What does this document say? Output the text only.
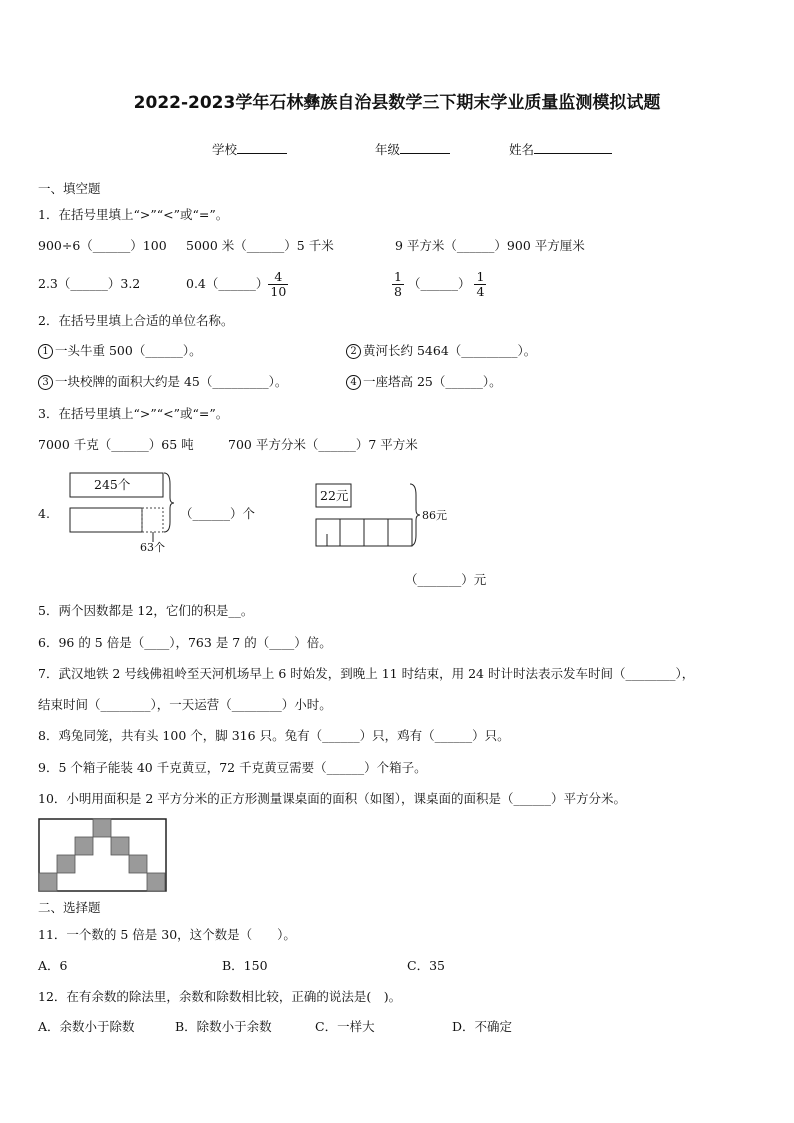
2022-2023学年石林彝族自治县数学三下期末学业质量监测模拟试题
学校	年级	姓名
一、填空题
1．在括号里填上“>”“<”或“=”。
900÷6（______）100 5000 米（______）5 千米	9 平方米（______）900 平方厘米
2.3（______）3.2	0.4（______） $\frac{4}{10}$	$\frac{1}{8}$ （______） $\frac{1}{4}$
2．在括号里填上合适的单位名称。
1 一头牛重 500（______）。	2 黄河长约 5464（_________）。
3 一块校牌的面积大约是 45（_________）。	4 一座塔高 25（______）。
3．在括号里填上“>”“<”或“=”。
7000 千克（______）65 吨	700 平方分米（______）7 平方米
4.
245个
63个
（______）个
22元
86元
（_______）元
5．两个因数都是 12，它们的积是__。
6．96 的 5 倍是（____），763 是 7 的（____）倍。
7．武汉地铁 2 号线佛祖岭至天河机场早上 6 时始发，到晚上 11 时结束，用 24 时计时法表示发车时间（________），
结束时间（________），一天运营（________）小时。
8．鸡兔同笼，共有头 100 个，脚 316 只。兔有（______）只，鸡有（______）只。
9．5 个箱子能装 40 千克黄豆，72 千克黄豆需要（______）个箱子。
10．小明用面积是 2 平方分米的正方形测量课桌面的面积（如图），课桌面的面积是（______）平方分米。
二、选择题
11．一个数的 5 倍是 30，这个数是（　　）。
A．6	B．150	C．35
12．在有余数的除法里，余数和除数相比较，正确的说法是(　)。
A．余数小于除数	B．除数小于余数	C．一样大	D．不确定
